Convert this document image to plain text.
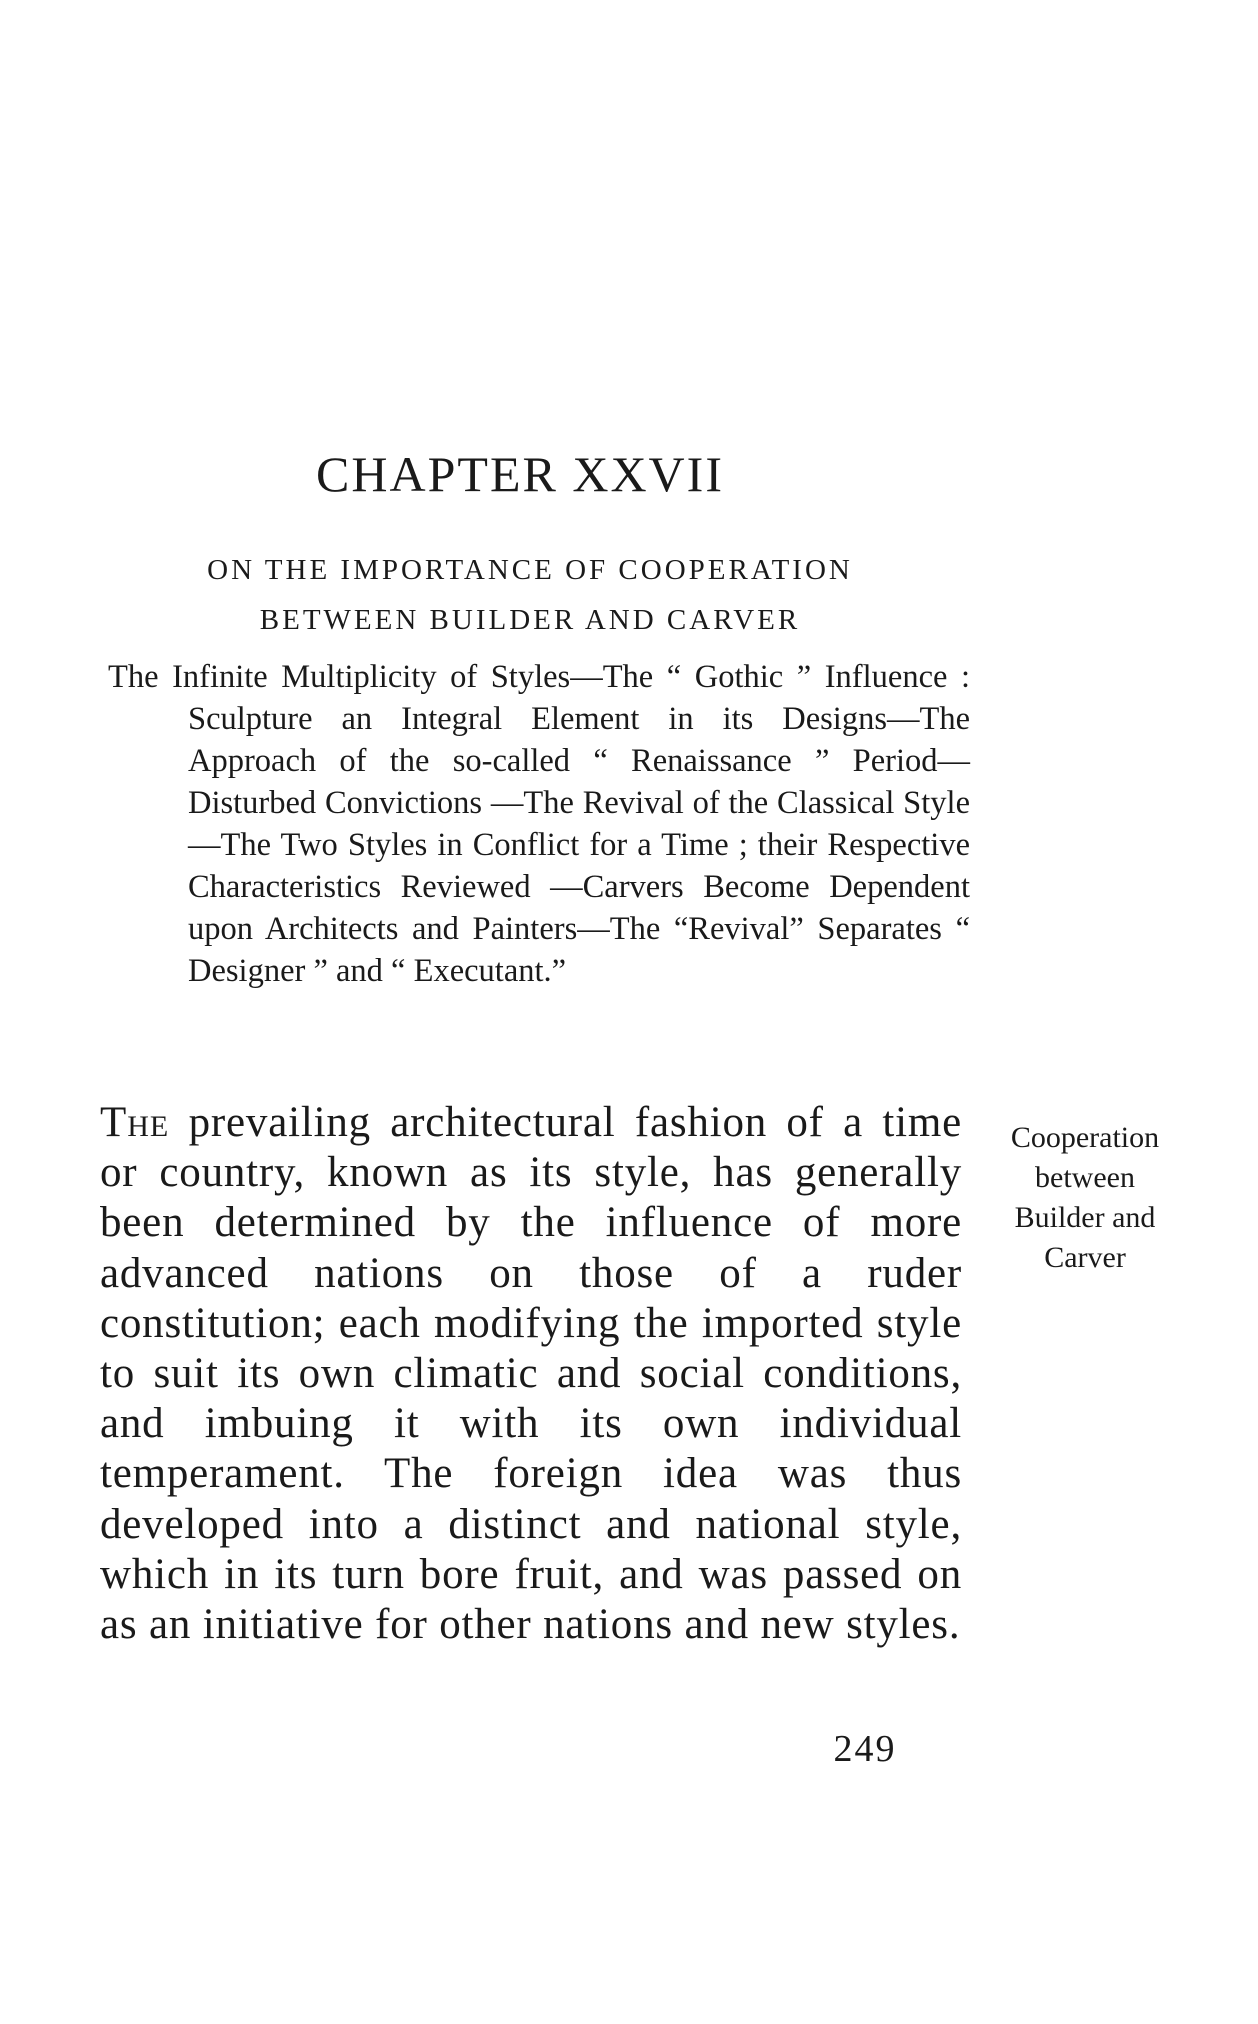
CHAPTER XXVII
ON THE IMPORTANCE OF COOPERATION
BETWEEN BUILDER AND CARVER

The Infinite Multiplicity of Styles—The “ Gothic ” Influence : Sculpture an Integral Element in its Designs—The Approach of the so-called “ Renaissance ” Period—Disturbed Convictions —The Revival of the Classical Style—The Two Styles in Conflict for a Time ; their Respective Characteristics Reviewed —Carvers Become Dependent upon Architects and Painters—The “Revival” Separates “ Designer ” and “ Executant.”

The prevailing architectural fashion of a time or country, known as its style, has generally been determined by the influence of more advanced nations on those of a ruder constitution; each modifying the imported style to suit its own climatic and social conditions, and imbuing it with its own individual temperament. The foreign idea was thus developed into a distinct and national style, which in its turn bore fruit, and was passed on as an initiative for other nations and new styles.

Cooperation
between
Builder and
Carver
249
